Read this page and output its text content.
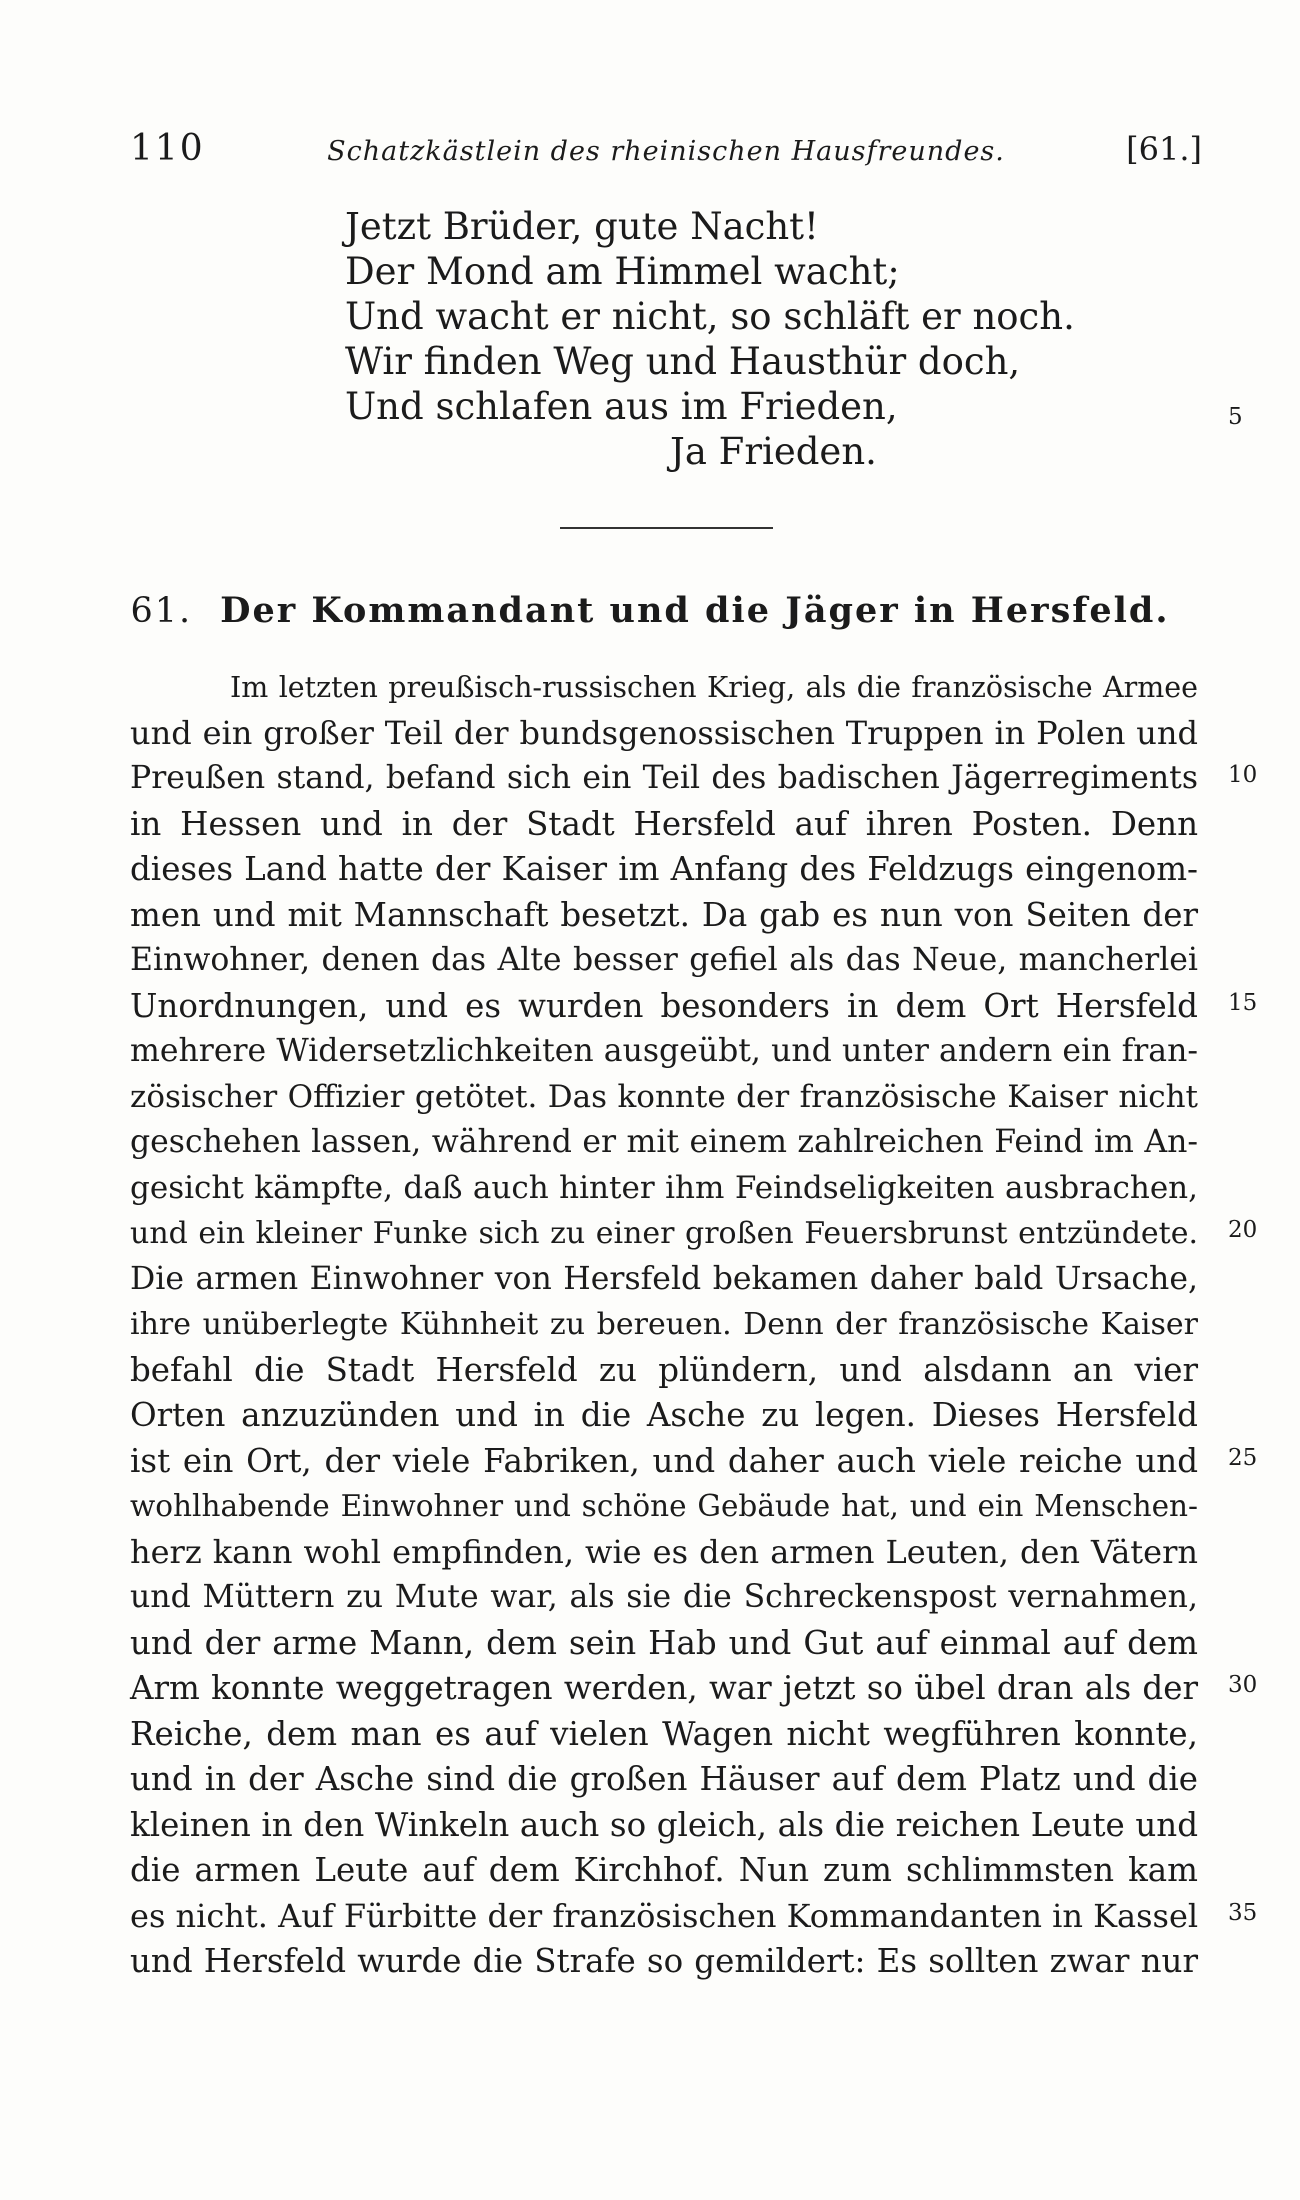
110	Schatzkästlein des rheinischen Hausfreundes.	[61.]
Jetzt Brüder, gute Nacht!
Der Mond am Himmel wacht;
Und wacht er nicht, so schläft er noch.
Wir finden Weg und Hausthür doch,
Und schlafen aus im Frieden,
Ja Frieden.
5
61. Der Kommandant und die Jäger in Hersfeld.
Im letzten preußisch-russischen Krieg, als die französische Armee
und ein großer Teil der bundsgenossischen Truppen in Polen und
Preußen stand, befand sich ein Teil des badischen Jägerregiments
in Hessen und in der Stadt Hersfeld auf ihren Posten. Denn
dieses Land hatte der Kaiser im Anfang des Feldzugs eingenom-
men und mit Mannschaft besetzt. Da gab es nun von Seiten der
Einwohner, denen das Alte besser gefiel als das Neue, mancherlei
Unordnungen, und es wurden besonders in dem Ort Hersfeld
mehrere Widersetzlichkeiten ausgeübt, und unter andern ein fran-
zösischer Offizier getötet. Das konnte der französische Kaiser nicht
geschehen lassen, während er mit einem zahlreichen Feind im An-
gesicht kämpfte, daß auch hinter ihm Feindseligkeiten ausbrachen,
und ein kleiner Funke sich zu einer großen Feuersbrunst entzündete.
Die armen Einwohner von Hersfeld bekamen daher bald Ursache,
ihre unüberlegte Kühnheit zu bereuen. Denn der französische Kaiser
befahl die Stadt Hersfeld zu plündern, und alsdann an vier
Orten anzuzünden und in die Asche zu legen. Dieses Hersfeld
ist ein Ort, der viele Fabriken, und daher auch viele reiche und
wohlhabende Einwohner und schöne Gebäude hat, und ein Menschen-
herz kann wohl empfinden, wie es den armen Leuten, den Vätern
und Müttern zu Mute war, als sie die Schreckenspost vernahmen,
und der arme Mann, dem sein Hab und Gut auf einmal auf dem
Arm konnte weggetragen werden, war jetzt so übel dran als der
Reiche, dem man es auf vielen Wagen nicht wegführen konnte,
und in der Asche sind die großen Häuser auf dem Platz und die
kleinen in den Winkeln auch so gleich, als die reichen Leute und
die armen Leute auf dem Kirchhof. Nun zum schlimmsten kam
es nicht. Auf Fürbitte der französischen Kommandanten in Kassel
und Hersfeld wurde die Strafe so gemildert: Es sollten zwar nur
10
15
20
25
30
35
